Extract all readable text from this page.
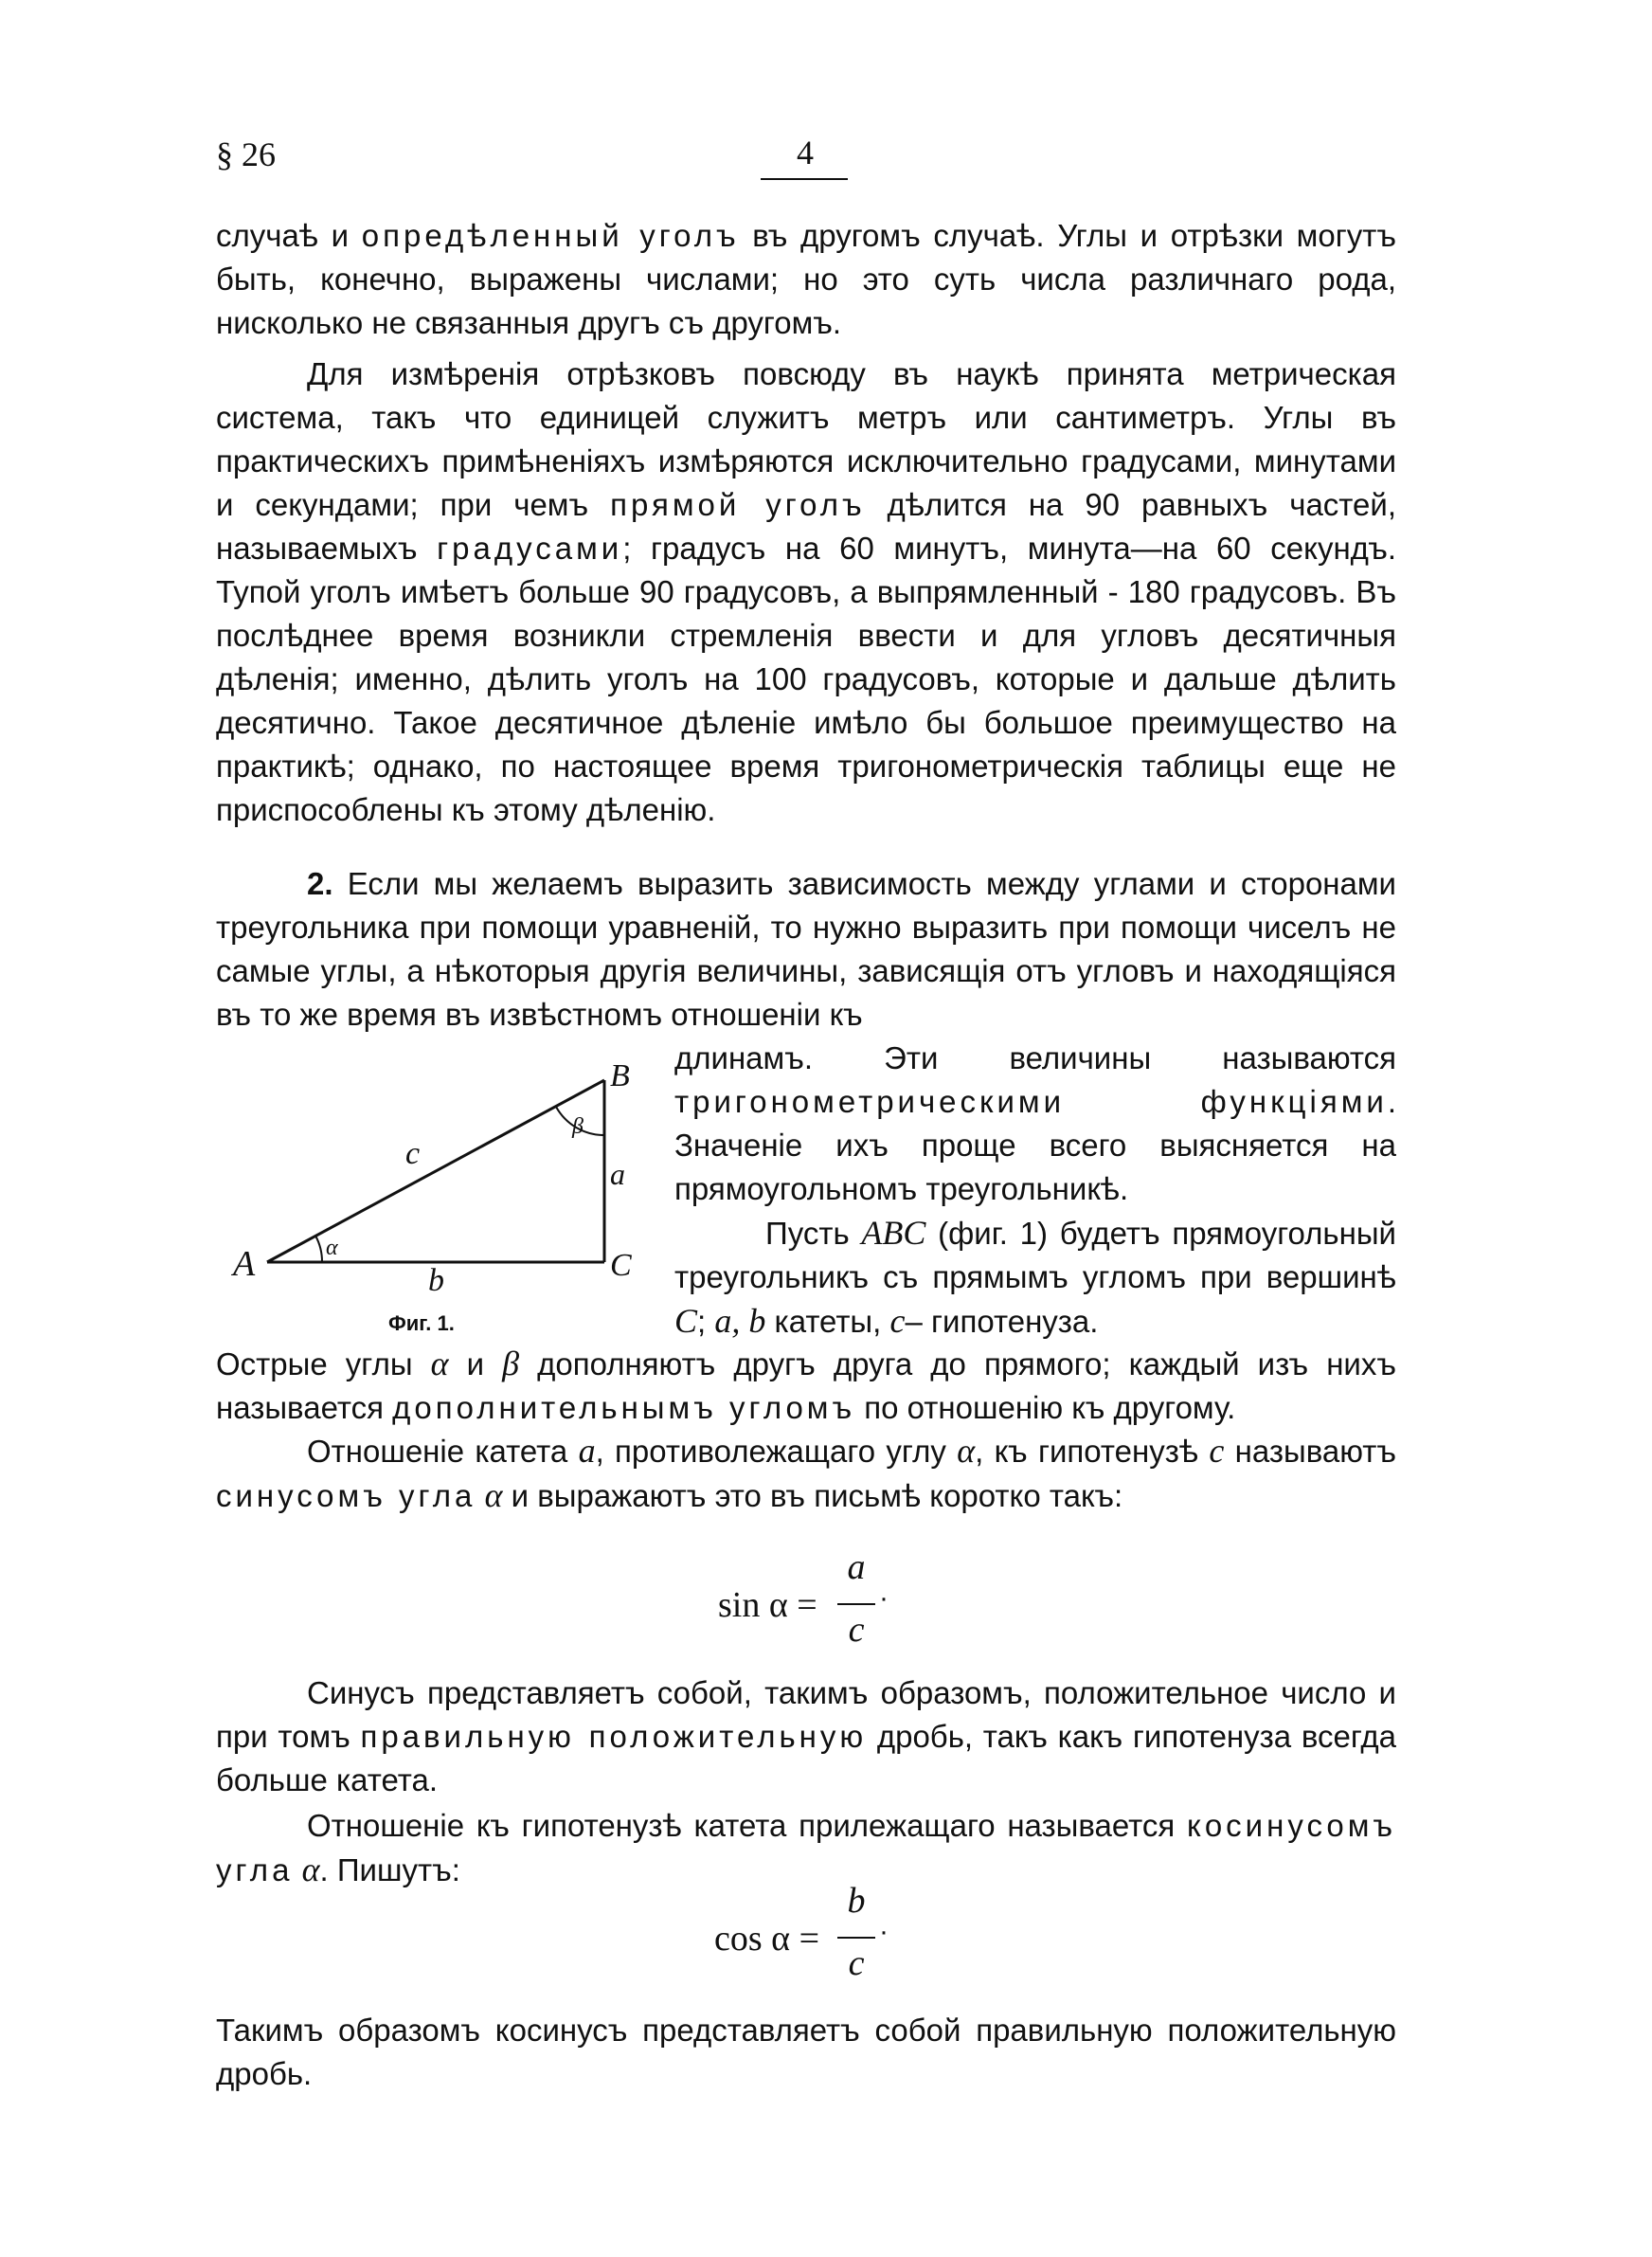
§ 26	4
случаѣ и опредѣленный уголъ въ другомъ случаѣ. Углы и отрѣзки могутъ быть, конечно, выражены числами; но это суть числа различнаго рода, нисколько не связанныя другъ съ другомъ.
Для измѣренія отрѣзковъ повсюду въ наукѣ принята метрическая система, такъ что единицей служитъ метръ или сантиметръ. Углы въ практическихъ примѣненіяхъ измѣряются исключительно градусами, минутами и секундами; при чемъ прямой уголъ дѣлится на 90 равныхъ частей, называемыхъ градусами; градусъ на 60 минутъ, минута—на 60 секундъ. Тупой уголъ имѣетъ больше 90 градусовъ, а выпрямленный - 180 градусовъ. Въ послѣднее время возникли стремленія ввести и для угловъ десятичныя дѣленія; именно, дѣлить уголъ на 100 градусовъ, которые и дальше дѣлить десятично. Такое десятичное дѣленіе имѣло бы большое преимущество на практикѣ; однако, по настоящее время тригонометрическія таблицы еще не приспособлены къ этому дѣленію.
2. Если мы желаемъ выразить зависимость между углами и сторонами треугольника при помощи уравненій, то нужно выразить при помощи чиселъ не самые углы, а нѣкоторыя другія величины, зависящія отъ угловъ и находящіяся въ то же время въ извѣстномъ отношеніи къ
A
B
C
a
b
c
α
β
Фиг. 1.
длинамъ. Эти величины называются тригонометрическими функціями. Значеніе ихъ проще всего выясняется на прямоугольномъ треугольникѣ.
Пусть ABC (фиг. 1) будетъ прямоугольный треугольникъ съ прямымъ угломъ при вершинѣ C; a, b катеты, c– гипотенуза.
Острые углы α и β дополняютъ другъ друга до прямого; каждый изъ нихъ называется дополнительнымъ угломъ по отношенію къ другому.
Отношеніе катета a, противолежащаго углу α, къ гипотенузѣ c называютъ синусомъ угла α и выражаютъ это въ письмѣ коротко такъ:
sin α =
a
c
·
Синусъ представляетъ собой, такимъ образомъ, положительное число и при томъ правильную положительную дробь, такъ какъ гипотенуза всегда больше катета.
Отношеніе къ гипотенузѣ катета прилежащаго называется косинусомъ угла α. Пишутъ:
cos α =
b
c
·
Такимъ образомъ косинусъ представляетъ собой правильную положительную дробь.
